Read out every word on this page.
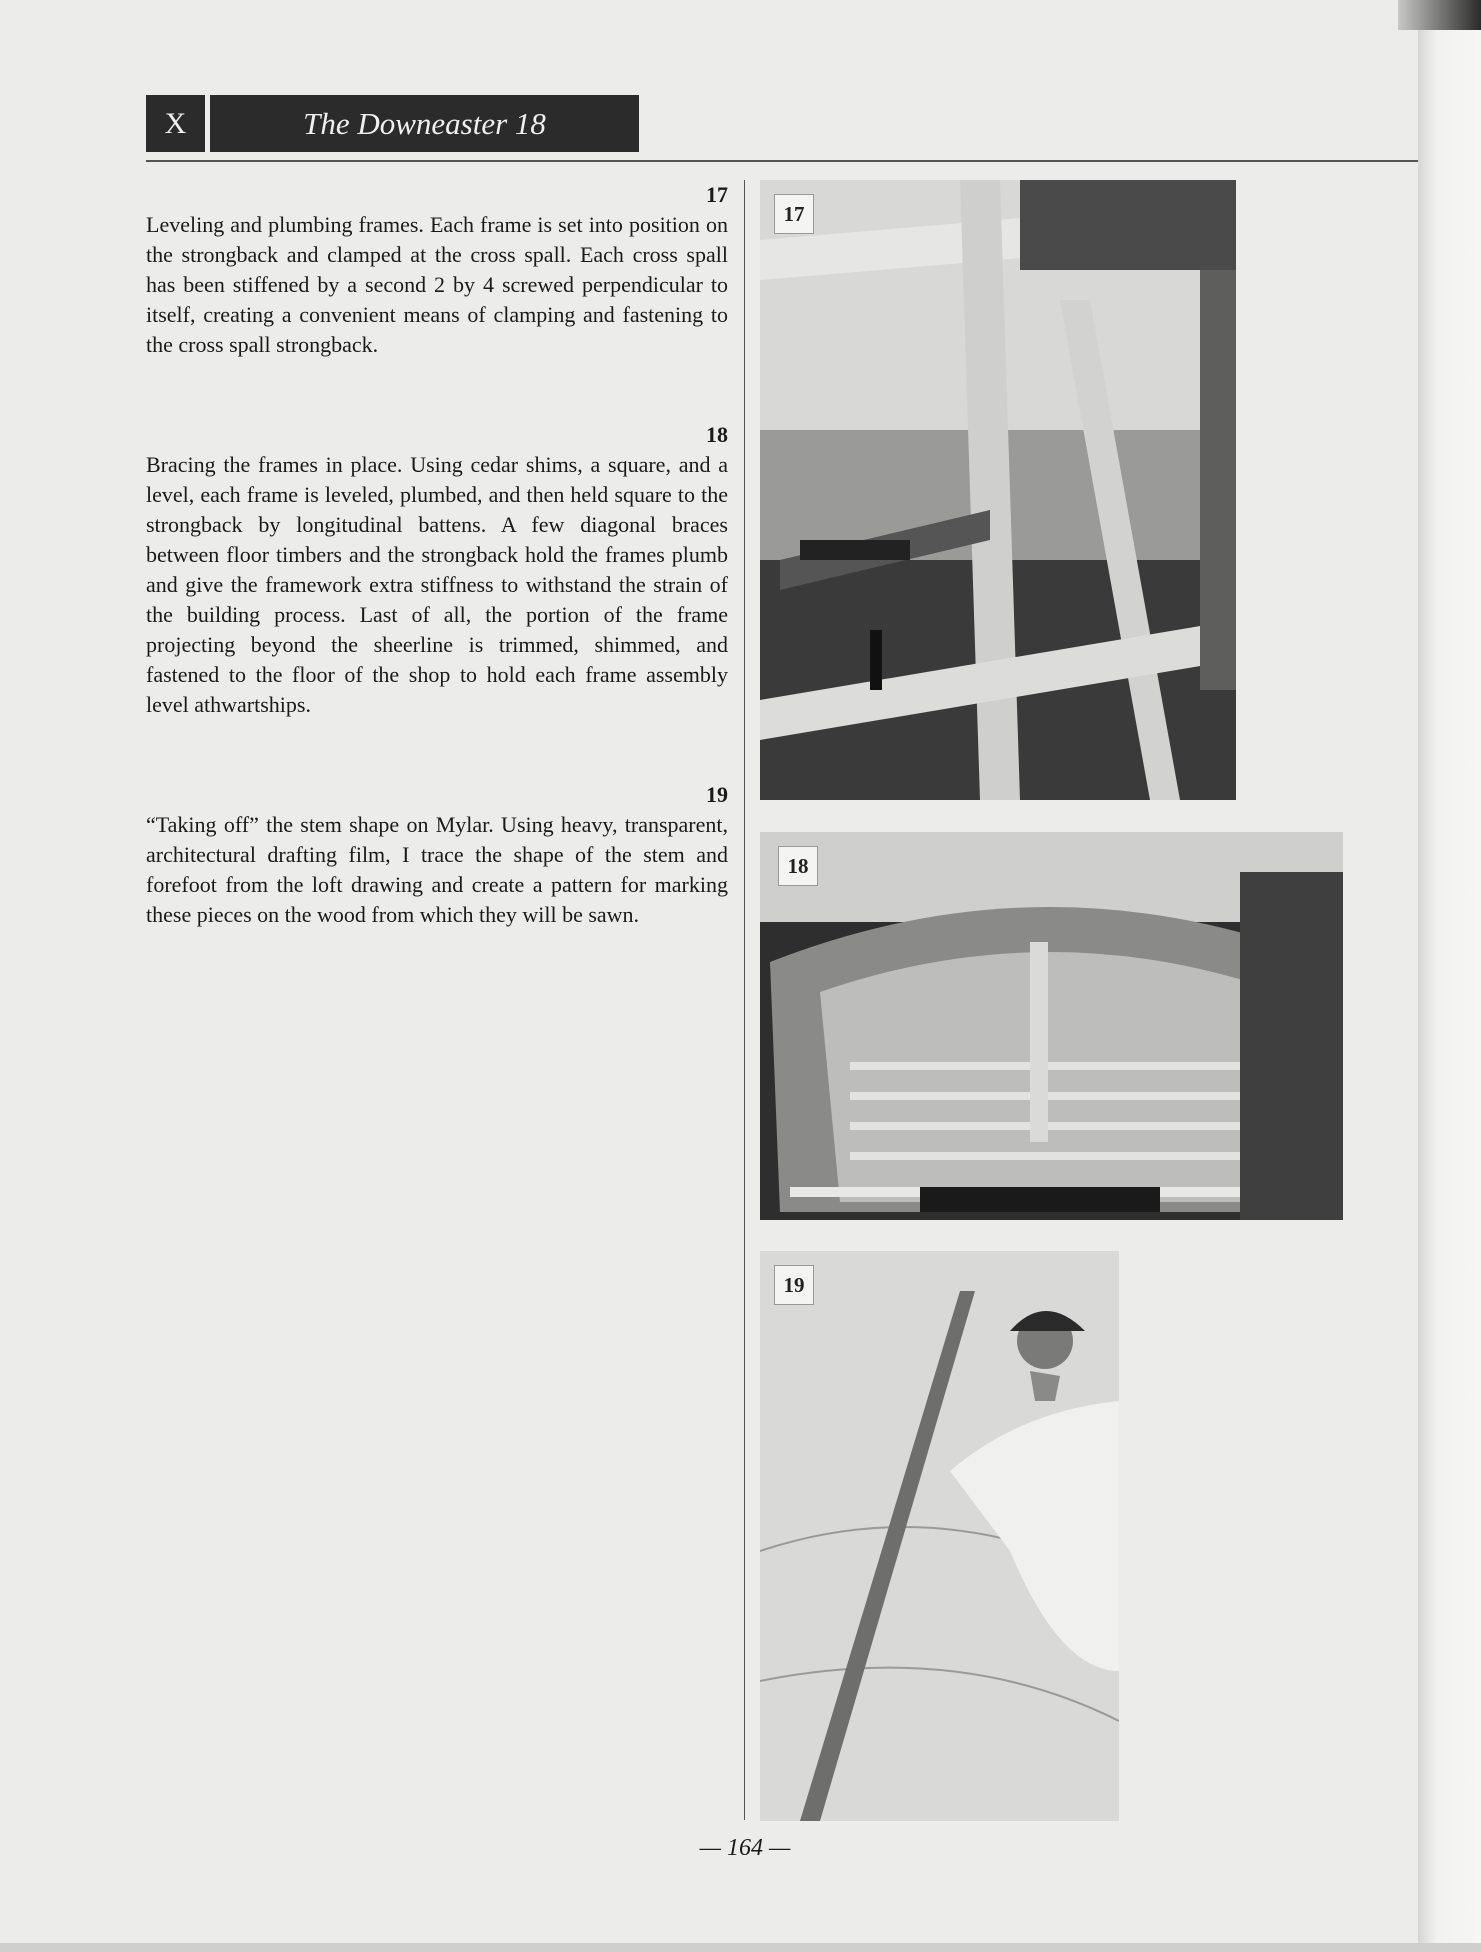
X	The Downeaster 18
17

Leveling and plumbing frames. Each frame is set into position on the strongback and clamped at the cross spall. Each cross spall has been stiffened by a second 2 by 4 screwed perpendicular to itself, creating a convenient means of clamping and fastening to the cross spall strongback.

18

Bracing the frames in place. Using cedar shims, a square, and a level, each frame is leveled, plumbed, and then held square to the strongback by longitudinal battens. A few diagonal braces between floor timbers and the strongback hold the frames plumb and give the framework extra stiffness to withstand the strain of the building process. Last of all, the portion of the frame projecting beyond the sheerline is trimmed, shimmed, and fastened to the floor of the shop to hold each frame assembly level athwartships.

19

“Taking off” the stem shape on Mylar. Using heavy, transparent, architectural drafting film, I trace the shape of the stem and forefoot from the loft drawing and create a pattern for marking these pieces on the wood from which they will be sawn.

17
18
19
— 164 —
